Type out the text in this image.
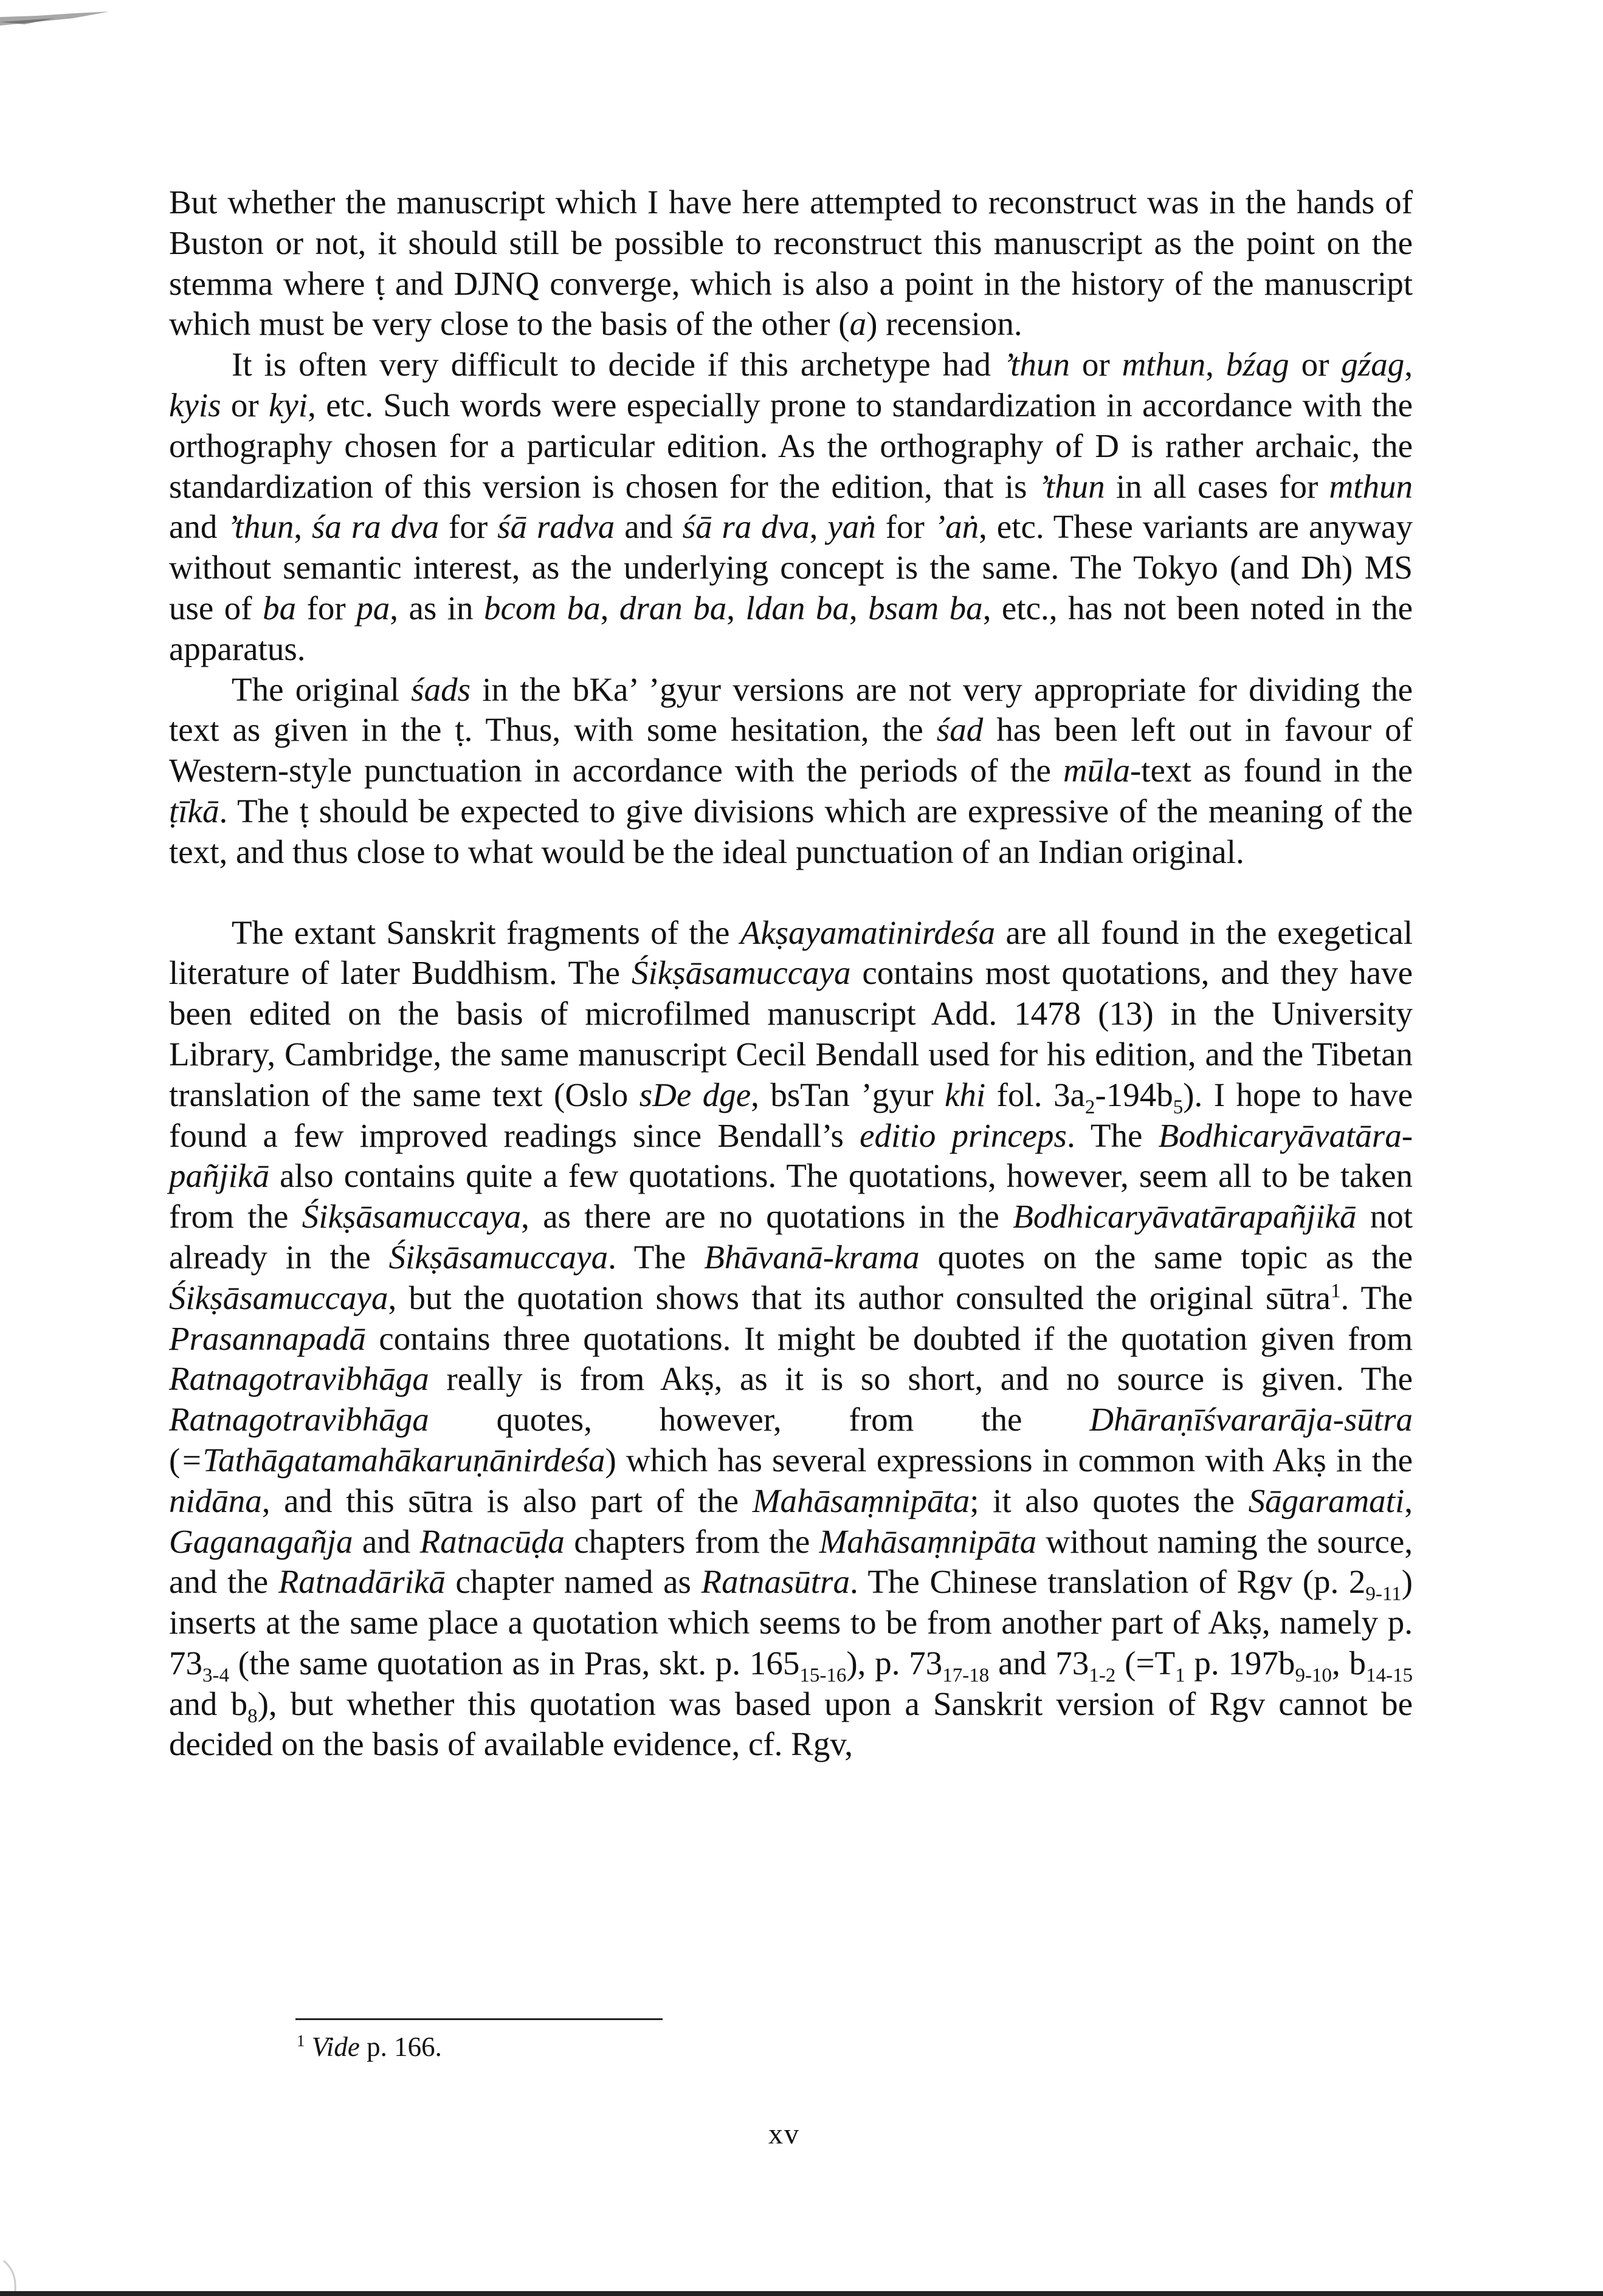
But whether the manuscript which I have here attempted to reconstruct was in the hands of Buston or not, it should still be possible to reconstruct this manuscript as the point on the stemma where ṭ and DJNQ converge, which is also a point in the history of the manuscript which must be very close to the basis of the other (a) recension.

It is often very difficult to decide if this archetype had ’thun or mthun, bźag or gźag, kyis or kyi, etc. Such words were especially prone to standardization in accordance with the orthography chosen for a particular edition. As the orthography of D is rather archaic, the standardization of this version is chosen for the edition, that is ’thun in all cases for mthun and ’thun, śa ra dva for śā radva and śā ra dva, yaṅ for ’aṅ, etc. These variants are anyway without semantic interest, as the underlying concept is the same. The Tokyo (and Dh) MS use of ba for pa, as in bcom ba, dran ba, ldan ba, bsam ba, etc., has not been noted in the apparatus.

The original śads in the bKa’ ’gyur versions are not very appropriate for dividing the text as given in the ṭ. Thus, with some hesitation, the śad has been left out in favour of Western-style punctuation in accordance with the periods of the mūla-text as found in the ṭīkā. The ṭ should be expected to give divisions which are expressive of the meaning of the text, and thus close to what would be the ideal punctuation of an Indian original.

The extant Sanskrit fragments of the Akṣayamatinirdeśa are all found in the exegetical literature of later Buddhism. The Śikṣāsamuccaya contains most quotations, and they have been edited on the basis of microfilmed manuscript Add. 1478 (13) in the University Library, Cambridge, the same manuscript Cecil Bendall used for his edition, and the Tibetan translation of the same text (Oslo sDe dge, bsTan ’gyur khi fol. $3a_2-194b_5$). I hope to have found a few improved readings since Bendall’s editio princeps. The Bodhicaryāvatāra-pañjikā also contains quite a few quotations. The quotations, however, seem all to be taken from the Śikṣāsamuccaya, as there are no quotations in the Bodhicaryāvatārapañjikā not already in the Śikṣāsamuccaya. The Bhāvanā-krama quotes on the same topic as the Śikṣāsamuccaya, but the quotation shows that its author consulted the original sūtra$^1$. The Prasannapadā contains three quotations. It might be doubted if the quotation given from Ratnagotravibhāga really is from Akṣ, as it is so short, and no source is given. The Ratnagotravibhāga quotes, however, from the Dhāraṇīśvararāja-sūtra (=Tathāgatamahākaruṇānirdeśa) which has several expressions in common with Akṣ in the nidāna, and this sūtra is also part of the Mahāsaṃnipāta; it also quotes the Sāgaramati, Gaganagañja and Ratnacūḍa chapters from the Mahāsaṃnipāta without naming the source, and the Ratnadārikā chapter named as Ratnasūtra. The Chinese translation of Rgv (p. $2_{9-11}$) inserts at the same place a quotation which seems to be from another part of Akṣ, namely p. $73_{3-4}$ (the same quotation as in Pras, skt. p. $165_{15-16}$), p. $73_{17-18}$ and $73_{1-2}$ ($=T_1$ p. $197b_{9-10}$, $b_{14-15}$ and $b_8$), but whether this quotation was based upon a Sanskrit version of Rgv cannot be decided on the basis of available evidence, cf. Rgv,

$^1$ Vide p. 166.
xv
